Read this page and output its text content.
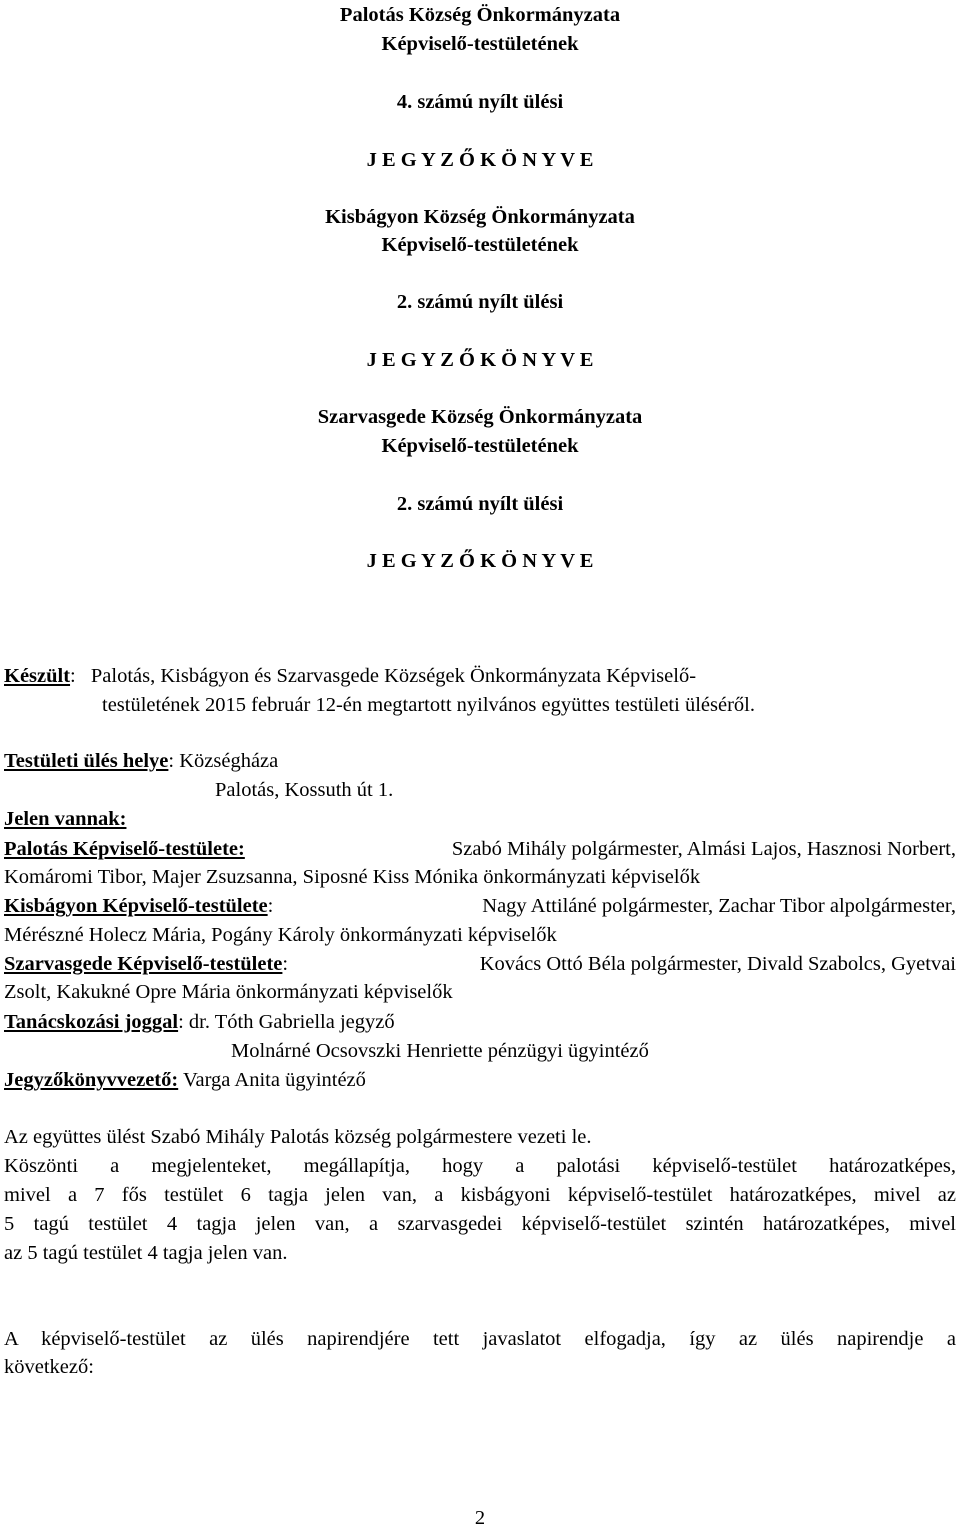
Palotás Község Önkormányzata
Képviselő-testületének
4. számú nyílt ülési
J E G Y Z Ő K Ö N Y V E
Kisbágyon Község Önkormányzata
Képviselő-testületének
2. számú nyílt ülési
J E G Y Z Ő K Ö N Y V E
Szarvasgede Község Önkormányzata
Képviselő-testületének
2. számú nyílt ülési
J E G Y Z Ő K Ö N Y V E
Készült: Palotás, Kisbágyon és Szarvasgede Községek Önkormányzata Képviselő-
testületének 2015 február 12-én megtartott nyilvános együttes testületi üléséről.
Testületi ülés helye: Községháza
Palotás, Kossuth út 1.
Jelen vannak:
Palotás Képviselő-testülete:	Szabó Mihály polgármester, Almási Lajos, Hasznosi Norbert,
Komáromi Tibor, Majer Zsuzsanna, Siposné Kiss Mónika önkormányzati képviselők
Kisbágyon Képviselő-testülete:	Nagy Attiláné polgármester, Zachar Tibor alpolgármester,
Mérészné Holecz Mária, Pogány Károly önkormányzati képviselők
Szarvasgede Képviselő-testülete:	Kovács Ottó Béla polgármester, Divald Szabolcs, Gyetvai
Zsolt, Kakukné Opre Mária önkormányzati képviselők
Tanácskozási joggal: dr. Tóth Gabriella jegyző
Molnárné Ocsovszki Henriette pénzügyi ügyintéző
Jegyzőkönyvvezető: Varga Anita ügyintéző
Az együttes ülést Szabó Mihály Palotás község polgármestere vezeti le.
Köszönti a megjelenteket, megállapítja, hogy a palotási képviselő-testület határozatképes,
mivel a 7 fős testület 6 tagja jelen van, a kisbágyoni képviselő-testület határozatképes, mivel az
5 tagú testület 4 tagja jelen van, a szarvasgedei képviselő-testület szintén határozatképes, mivel
az 5 tagú testület 4 tagja jelen van.
A képviselő-testület az ülés napirendjére tett javaslatot elfogadja, így az ülés napirendje a
következő:
2
